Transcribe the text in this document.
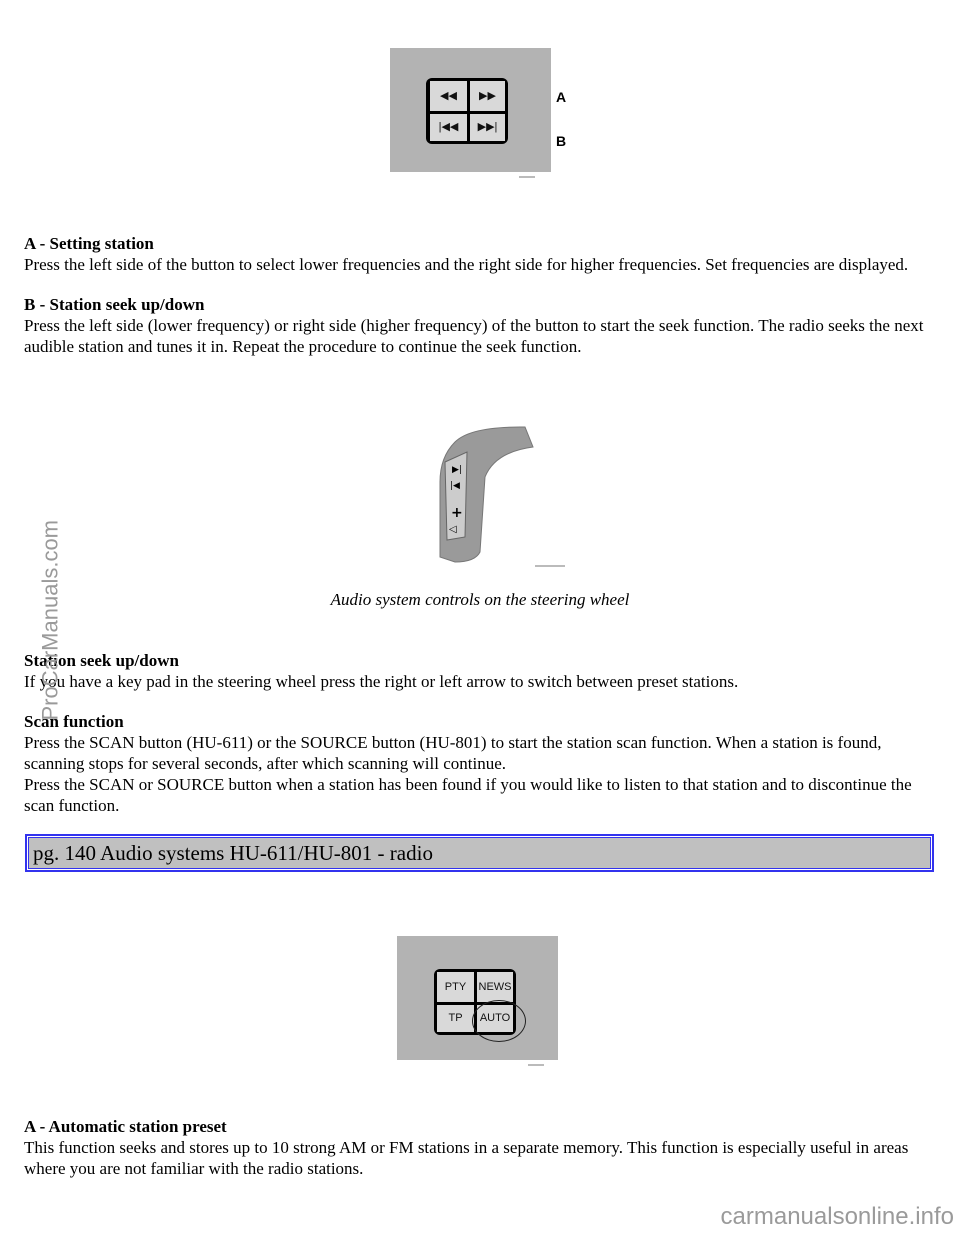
◀◀	▶▶
|◀◀	▶▶|
A
B
A - Setting station

Press the left side of the button to select lower frequencies and the right side for higher frequencies. Set frequencies are displayed.

B - Station seek up/down

Press the left side (lower frequency) or right side (higher frequency) of the button to start the seek function. The radio seeks the next audible station and tunes it in. Repeat the procedure to continue the seek function.

▶|
|◀
+
◁
Audio system controls on the steering wheel
Station seek up/down

If you have a key pad in the steering wheel press the right or left arrow to switch between preset stations.

Scan function

Press the SCAN button (HU-611) or the SOURCE button (HU-801) to start the station scan function. When a station is found, scanning stops for several seconds, after which scanning will continue.

Press the SCAN or SOURCE button when a station has been found if you would like to listen to that station and to discontinue the scan function.

pg. 140 Audio systems HU-611/HU-801 - radio
PTY	NEWS
TP	AUTO
A - Automatic station preset

This function seeks and stores up to 10 strong AM or FM stations in a separate memory. This function is especially useful in areas where you are not familiar with the radio stations.

ProCarManuals.com
carmanualsonline.info
